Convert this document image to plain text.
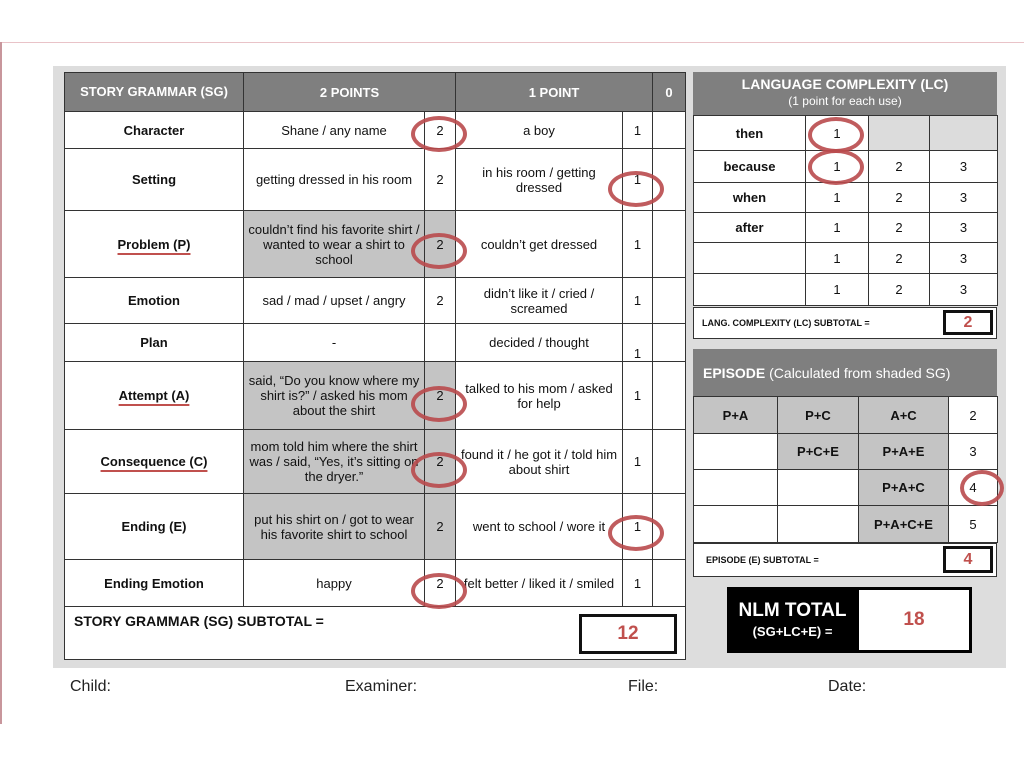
STORY GRAMMAR (SG)	2 POINTS		1 POINT		0
Character	Shane / any name	2	a boy	1	
Setting	getting dressed in his room	2	in his room / getting dressed	1	
Problem (P)	couldn’t find his favorite shirt / wanted to wear a shirt to school	2	couldn’t get dressed	1	
Emotion	sad / mad / upset / angry	2	didn’t like it / cried / screamed	1	
Plan	-		decided / thought	1	
Attempt (A)	said, “Do you know where my shirt is?” / asked his mom about the shirt	2	talked to his mom / asked for help	1	
Consequence (C)	mom told him where the shirt was / said, “Yes, it’s sitting on the dryer.”	2	found it / he got it / told him about shirt	1	
Ending (E)	put his shirt on / got to wear his favorite shirt to school	2	went to school / wore it	1	
Ending Emotion	happy	2	felt better / liked it / smiled	1	
STORY GRAMMAR (SG) SUBTOTAL =					
12
LANGUAGE COMPLEXITY (LC)
(1 point for each use)
then	1		
because	1	2	3
when	1	2	3
after	1	2	3
	1	2	3
	1	2	3
LANG. COMPLEXITY (LC) SUBTOTAL =	2
EPISODE (Calculated from shaded SG)
P+A	P+C	A+C	2
	P+C+E	P+A+E	3
		P+A+C	4
		P+A+C+E	5
EPISODE (E) SUBTOTAL =	4
NLM TOTAL
(SG+LC+E) =
18
Child:	Examiner:	File:	Date:
